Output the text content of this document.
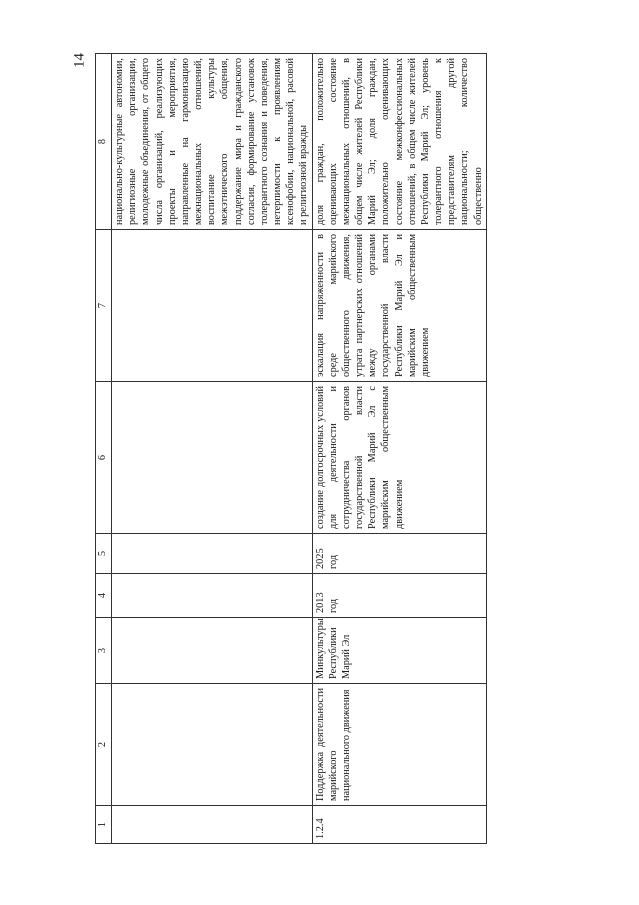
14
1	2	3	4	5	6	7	8
							национально-культурные автономии, религиозные организации, молодежные объединения, от общего числа организаций, реализующих проекты и мероприятия, направленные на гармонизацию межнациональных отношений, воспитание культуры межэтнического общения, поддержание мира и гражданского согласия, формирование установок толерантного сознания и поведения, нетерпимости к проявлениям ксенофобии, национальной, расовой и религиозной вражды
1.2.4	Поддержка деятельности марийского национального движения	Минкультуры Республики Марий Эл	2013 год	2025 год	создание долгосрочных условий для деятельности и сотрудничества органов государственной власти Республики Марий Эл с марийским общественным движением	эскалация напряженности в среде марийского общественного движения, утрата партнерских отношений между органами государственной власти Республики Марий Эл и марийским общественным движением	доля граждан, положительно оценивающих состояние межнациональных отношений, в общем числе жителей Республики Марий Эл; доля граждан, положительно оценивающих состояние межконфессиональных отношений, в общем числе жителей Республики Марий Эл; уровень толерантного отношения к представителям другой национальности; количество общественно
